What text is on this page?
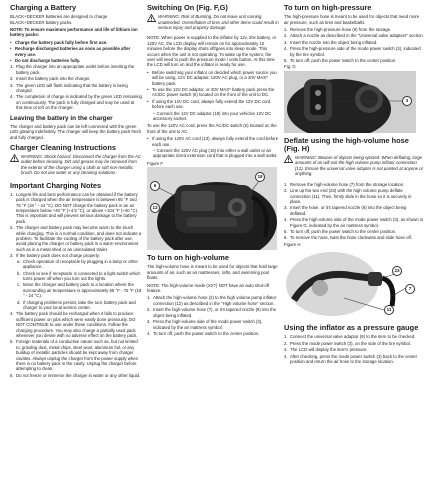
Charging a Battery

BLACK+DECKER batteries are designed to charge BLACK+DECKER battery packs.

NOTE: To ensure maximum performance and life of lithium ion battery packs:

• Charge the battery pack fully before first use.
• Recharge discharged batteries as soon as possible after every use.
• Do not discharge batteries fully.
1. Plug the charger into an appropriate outlet before inserting the battery pack.
2. Insert the battery pack into the charger.
3. The green LED will flash indicating that the battery is being charged.
4. The completion of charge is indicated by the green LED remaining on continuously. The pack is fully charged and may be used at this time or left on the charger.
Leaving the battery in the charger

The charger and battery pack can be left connected with the green LED glowing indefinitely. The charger will keep the battery pack fresh and fully charged.

Charger Cleaning Instructions

WARNING: Shock hazard. Disconnect the charger from the AC outlet before cleaning. Dirt and grease may be removed from the exterior of the charger using a cloth or soft non-metallic brush. Do not use water or any cleaning solutions.

Important Charging Notes
1. Longest life and best performance can be obtained if the battery pack is charged when the air temperature is between 65 °F and 75 °F (18 ° - 24 °C). DO NOT charge the battery pack in an air temperature below +40 °F (+4.5 °C), or above +104 °F (+40 °C). This is important and will prevent serious damage to the battery pack.
2. The charger and battery pack may become warm to the touch while charging. This is a normal condition, and does not indicate a problem. To facilitate the cooling of the battery pack after use, avoid placing the charger or battery pack in a warm environment such as in a metal shed or an uninsulated trailer.
3. If the battery pack does not charge properly:
a. Check operation of receptacle by plugging in a lamp or other appliance.
b. Check to see if receptacle is connected to a light switch which turns power off when you turn out the lights.
c. Move the charger and battery pack to a location where the surrounding air temperature is approximately 65 °F - 75 °F (18 ° - 24 °C).
d. If charging problems persist, take the tool, battery pack and charger to your local service center.
4. The battery pack should be recharged when it fails to produce sufficient power on jobs which were easily done previously. DO NOT CONTINUE to use under these conditions. Follow the charging procedure. You may also charge a partially used pack whenever you desire with no adverse effect on the battery pack.
5. Foreign materials of a conductive nature such as, but not limited to, grinding dust, metal chips, steel wool, aluminum foil, or any buildup of metallic particles should be kept away from charger cavities. Always unplug the charger from the power supply when there is no battery pack in the cavity. Unplug the charger before attempting to clean.
6. Do not freeze or immerse the charger in water or any other liquid.
Switching On (Fig. F,G)

WARNING: Risk of Bursting. Do not leave unit running unattended. Overinflation of tires and other items could result in serious injury and property damage.

NOTE: When power is supplied to the inflator by 12v, 20v battery, or 120V AC, the LCD display will remain on for approximately 10 minutes before the display shuts off/goes into sleep mode. This occurs when the unit is not operating. To wake up the system, the user will need to push the pressure mode / units button. At this time the LCD will turn on and the inflator is ready for use.

• Before switching your inflator on decided which power source you will be using, 12V DC adaptor, 120V AC plug, or a 20V MAX* battery pack.
• To use the 12V DC adaptor, or 20V MAX* battery pack press the AC/DC power switch (6) located on the front of the unit to DC.
• If using the 12V DC cord, always fully extend the 12V DC cord before each use.

– Connect the 12V DC adaptor (18) into your vehicles 12V DC accessory socket.

To use the 120V AC cord, press the AC/DC switch (6) located on the front of the unit to AC.

• If using the 120V AC cord (13), always fully extend the cord before each use.

– Connect the 120V AC plug (15) into either a wall outlet or an appropriate sized extension cord that is plugged into a wall outlet.

Figure F

6
13
18
To turn on high-volume

The high-volume hose is meant to be used for objects that hold large amounts of air, such as air mattresses, rafts, and swimming pool floats.

NOTE: The high-volume mode (XX?) NOT have an auto shut-off feature.

1. Attach the high-volume hose (2) to the high volume pump inflator connection (12) as described in the "High volume hose" section.
2. Insert the high-volume hose (7), or it's tapered nozzle (8) into the object being inflated.
3. Press the high-volume side of the mode power switch (3), indicated by the air mattress symbol.
4. To turn off, push the power switch to the center position.
To turn on high-pressure

The high-pressure hose is meant to be used for objects that need more air pressure, such as tires and basketballs.

1. Remove the high-pressure hose (9) from the storage.
2. Attach a nozzle as described in the "Universal valve adapters" section.
3. Insert the nozzle into the object being inflated.
4. Press the high-pressure side of the mode power switch (3), indicated by the tire symbol.
5. To turn off, push the power switch to the center position.

Fig. G

3
Deflate using the high-volume hose (Fig. H)

WARNING: Beware of objects being ejected. When deflating, large amounts of air will exit the high volume pump inflator connection (12). Ensure the universal valve adapter is not pointed at anyone or anything.

1. Remove the high-volume hose (7) from the storage location.
2. Line up the two end (23) with the high volume pump deflate connection (11). Then, firmly slide in the hose so it is securely in place.
3. Insert the hose, or it's tapered nozzle (8) into the object being deflated.
4. Press the high-volume side of the mode power switch (3), as shown in Figure G, indicated by the air mattress symbol.
5. To turn off, push the power switch to the center position.
6. To remove the hose, twist the hose clockwise and slide hose off.

Figure H

23
7
11
Using the inflator as a pressure gauge
1. Connect the universal valve adaptor (9) to the item to be checked.
2. Press the mode power switch (3), on the side of the tire symbol.
3. The LCD will display the item's pressure.
4. After checking, press the mode power switch (3) back to the center position and return the air hose to the storage location.
